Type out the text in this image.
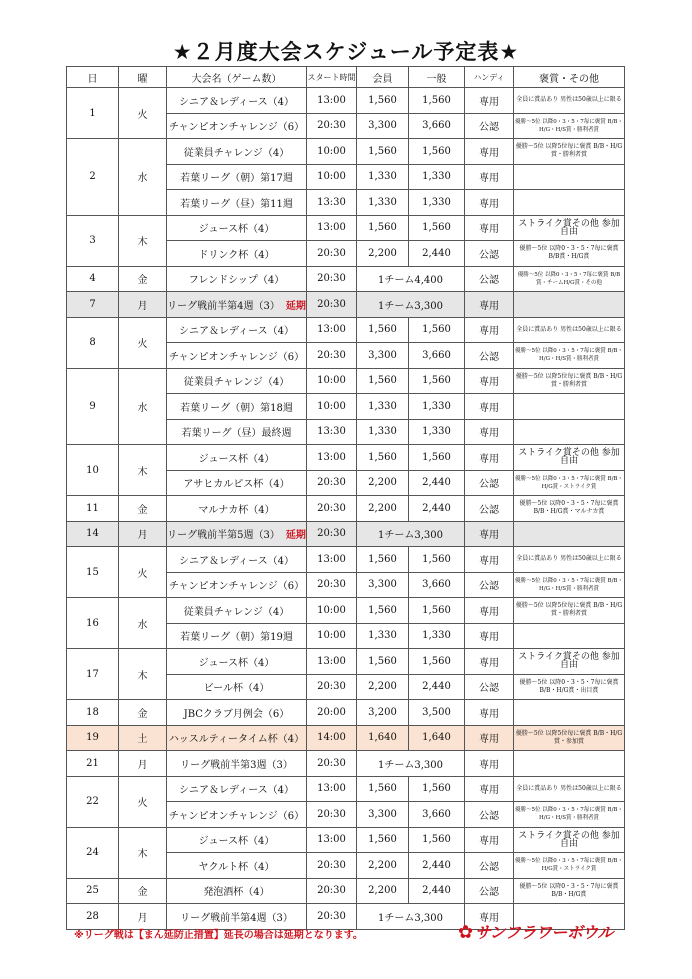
★２月度大会スケジュール予定表★
日	曜	大会名（ゲーム数）	スタート時間	会員	一般	ハンディ	褒賞・その他
1	火	シニア＆レディース（4）	13:00	1,560	1,560	専用	全員に賞品あり 男性は50歳以上に限る
		チャンピオンチャレンジ（6）	20:30	3,300	3,660	公認	優勝～5位 以降0・3・5・7毎に褒賞 B/B・H/G・H/S賞・勝利者賞
2	水	従業員チャレンジ（4）	10:00	1,560	1,560	専用	優勝～5位 以降5位毎に褒賞 B/B・H/G賞・勝利者賞
		若葉リーグ（朝）第17週	10:00	1,330	1,330	専用	
		若葉リーグ（昼）第11週	13:30	1,330	1,330	専用	
3	木	ジュース杯（4）	13:00	1,560	1,560	専用	ストライク賞その他 参加自由
		ドリンク杯（4）	20:30	2,200	2,440	公認	優勝～5位 以降0・3・5・7毎に褒賞 B/B賞・H/G賞
4	金	フレンドシップ（4）	20:30	1チーム4,400		公認	優勝～5位 以降0・3・5・7毎に褒賞 B/B賞・チームH/G賞・その他
7	月	リーグ戦前半第4週（3） 延期	20:30	1チーム3,300		専用	
8	火	シニア＆レディース（4）	13:00	1,560	1,560	専用	全員に賞品あり 男性は50歳以上に限る
		チャンピオンチャレンジ（6）	20:30	3,300	3,660	公認	優勝～5位 以降0・3・5・7毎に褒賞 B/B・H/G・H/S賞・勝利者賞
9	水	従業員チャレンジ（4）	10:00	1,560	1,560	専用	優勝～5位 以降5位毎に褒賞 B/B・H/G賞・勝利者賞
		若葉リーグ（朝）第18週	10:00	1,330	1,330	専用	
		若葉リーグ（昼）最終週	13:30	1,330	1,330	専用	
10	木	ジュース杯（4）	13:00	1,560	1,560	専用	ストライク賞その他 参加自由
		アサヒカルピス杯（4）	20:30	2,200	2,440	公認	優勝～5位 以降0・3・5・7毎に褒賞 B/B・H/G賞・ストライク賞
11	金	マルナカ杯（4）	20:30	2,200	2,440	公認	優勝～5位 以降0・3・5・7毎に褒賞 B/B・H/G賞・マルナカ賞
14	月	リーグ戦前半第5週（3） 延期	20:30	1チーム3,300		専用	
15	火	シニア＆レディース（4）	13:00	1,560	1,560	専用	全員に賞品あり 男性は50歳以上に限る
		チャンピオンチャレンジ（6）	20:30	3,300	3,660	公認	優勝～5位 以降0・3・5・7毎に褒賞 B/B・H/G・H/S賞・勝利者賞
16	水	従業員チャレンジ（4）	10:00	1,560	1,560	専用	優勝～5位 以降5位毎に褒賞 B/B・H/G賞・勝利者賞
		若葉リーグ（朝）第19週	10:00	1,330	1,330	専用	
17	木	ジュース杯（4）	13:00	1,560	1,560	専用	ストライク賞その他 参加自由
		ビール杯（4）	20:30	2,200	2,440	公認	優勝～5位 以降0・3・5・7毎に褒賞 B/B・H/G賞・出目賞
18	金	JBCクラブ月例会（6）	20:00	3,200	3,500	専用	
19	土	ハッスルティータイム杯（4）	14:00	1,640	1,640	専用	優勝～5位 以降5位毎に褒賞 B/B・H/G賞・参加賞
21	月	リーグ戦前半第3週（3）	20:30	1チーム3,300		専用	
22	火	シニア＆レディース（4）	13:00	1,560	1,560	専用	全員に賞品あり 男性は50歳以上に限る
		チャンピオンチャレンジ（6）	20:30	3,300	3,660	公認	優勝～5位 以降0・3・5・7毎に褒賞 B/B・H/G・H/S賞・勝利者賞
24	木	ジュース杯（4）	13:00	1,560	1,560	専用	ストライク賞その他 参加自由
		ヤクルト杯（4）	20:30	2,200	2,440	公認	優勝～5位 以降0・3・5・7毎に褒賞 B/B・H/G賞・ストライク賞
25	金	発泡酒杯（4）	20:30	2,200	2,440	公認	優勝～5位 以降0・3・5・7毎に褒賞 B/B・H/G賞
28	月	リーグ戦前半第4週（3）	20:30	1チーム3,300		専用	
※リーグ戦は【まん延防止措置】延長の場合は延期となります。	✿ サンフラワーボウル
